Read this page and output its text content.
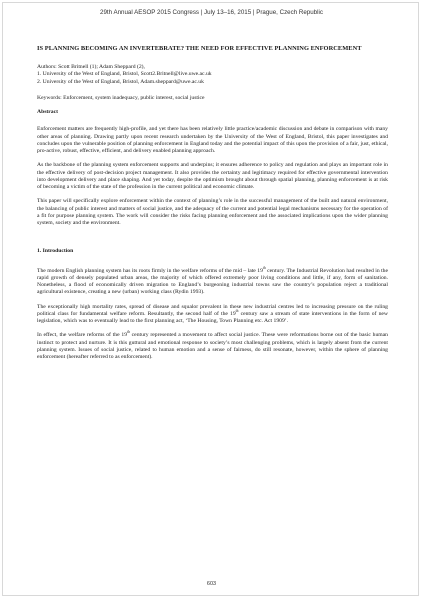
29th Annual AESOP 2015 Congress | July 13–16, 2015 | Prague, Czech Republic
IS PLANNING BECOMING AN INVERTEBRATE? THE NEED FOR EFFECTIVE PLANNING ENFORCEMENT
Authors: Scott Britnell (1); Adam Sheppard (2),
1. University of the West of England, Bristol, Scott2.Britnell@live.uwe.ac.uk
2. University of the West of England, Bristol, Adam.sheppard@uwe.ac.uk
Keywords: Enforcement, system inadequacy, public interest, social justice
Abstract

Enforcement matters are frequently high-profile, and yet there has been relatively little practice/academic discussion and debate in comparison with many other areas of planning. Drawing partly upon recent research undertaken by the University of the West of England, Bristol, this paper investigates and concludes upon the vulnerable position of planning enforcement in England today and the potential impact of this upon the provision of a fair, just, ethical, pro-active, robust, effective, efficient, and delivery enabled planning approach.

As the backbone of the planning system enforcement supports and underpins; it ensures adherence to policy and regulation and plays an important role in the effective delivery of post-decision project management. It also provides the certainty and legitimacy required for effective governmental intervention into development delivery and place shaping. And yet today, despite the optimism brought about through spatial planning, planning enforcement is at risk of becoming a victim of the state of the profession in the current political and economic climate.

This paper will specifically explore enforcement within the context of planning’s role in the successful management of the built and natural environment, the balancing of public interest and matters of social justice, and the adequacy of the current and potential legal mechanisms necessary for the operation of a fit for purpose planning system. The work will consider the risks facing planning enforcement and the associated implications upon the wider planning system, society and the environment.

1. Introduction

The modern English planning system has its roots firmly in the welfare reforms of the mid – late 19th century. The Industrial Revolution had resulted in the rapid growth of densely populated urban areas, the majority of which offered extremely poor living conditions and little, if any, form of sanitation. Nonetheless, a flood of economically driven migration to England’s burgeoning industrial towns saw the country’s population reject a traditional agricultural existence, creating a new (urban) working class (Rydin 1993).

The exceptionally high mortality rates, spread of disease and squalor prevalent in these new industrial centres led to increasing pressure on the ruling political class for fundamental welfare reform. Resultantly, the second half of the 19th century saw a stream of state interventions in the form of new legislation, which was to eventually lead to the first planning act, ‘The Housing, Town Planning etc. Act 1909’.

In effect, the welfare reforms of the 19th century represented a movement to affect social justice. These were reformations borne out of the basic human instinct to protect and nurture. It is this guttural and emotional response to society’s most challenging problems, which is largely absent from the current planning system. Issues of social justice, related to human emotion and a sense of fairness, do still resonate, however, within the sphere of planning enforcement (hereafter referred to as enforcement).

603
